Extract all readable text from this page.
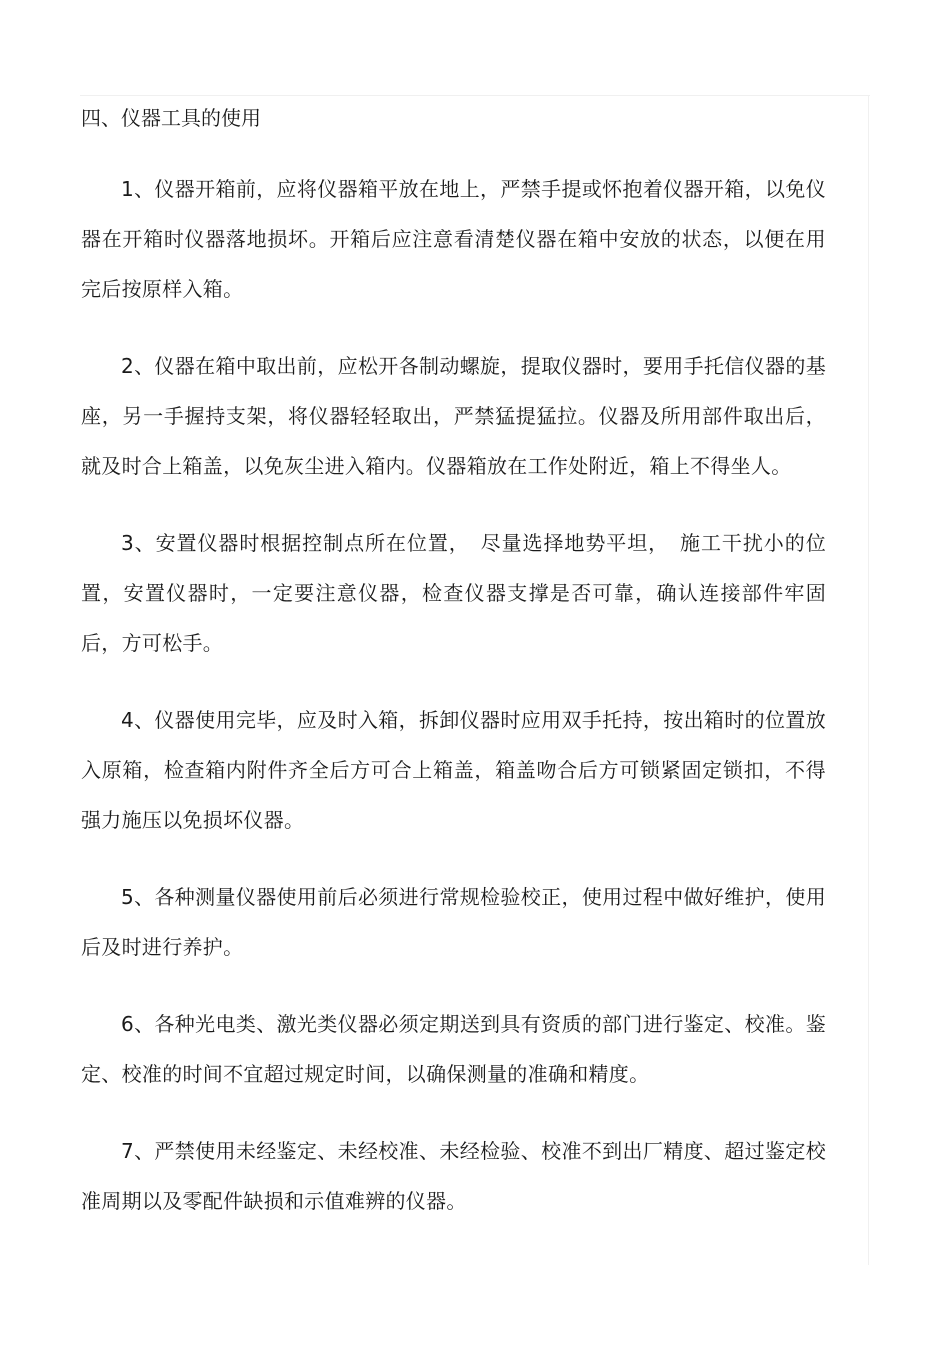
四、仪器工具的使用

1、仪器开箱前，应将仪器箱平放在地上，严禁手提或怀抱着仪器开箱，以免仪器在开箱时仪器落地损坏。开箱后应注意看清楚仪器在箱中安放的状态，以便在用完后按原样入箱。

2、仪器在箱中取出前，应松开各制动螺旋，提取仪器时，要用手托信仪器的基座，另一手握持支架，将仪器轻轻取出，严禁猛提猛拉。仪器及所用部件取出后，就及时合上箱盖，以免灰尘进入箱内。仪器箱放在工作处附近，箱上不得坐人。

3、安置仪器时根据控制点所在位置，　尽量选择地势平坦，　施工干扰小的位置，安置仪器时，一定要注意仪器，检查仪器支撑是否可靠，确认连接部件牢固后，方可松手。

4、仪器使用完毕，应及时入箱，拆卸仪器时应用双手托持，按出箱时的位置放入原箱，检查箱内附件齐全后方可合上箱盖，箱盖吻合后方可锁紧固定锁扣，不得强力施压以免损坏仪器。

5、各种测量仪器使用前后必须进行常规检验校正，使用过程中做好维护，使用后及时进行养护。

6、各种光电类、激光类仪器必须定期送到具有资质的部门进行鉴定、校准。鉴定、校准的时间不宜超过规定时间，以确保测量的准确和精度。

7、严禁使用未经鉴定、未经校准、未经检验、校准不到出厂精度、超过鉴定校准周期以及零配件缺损和示值难辨的仪器。
